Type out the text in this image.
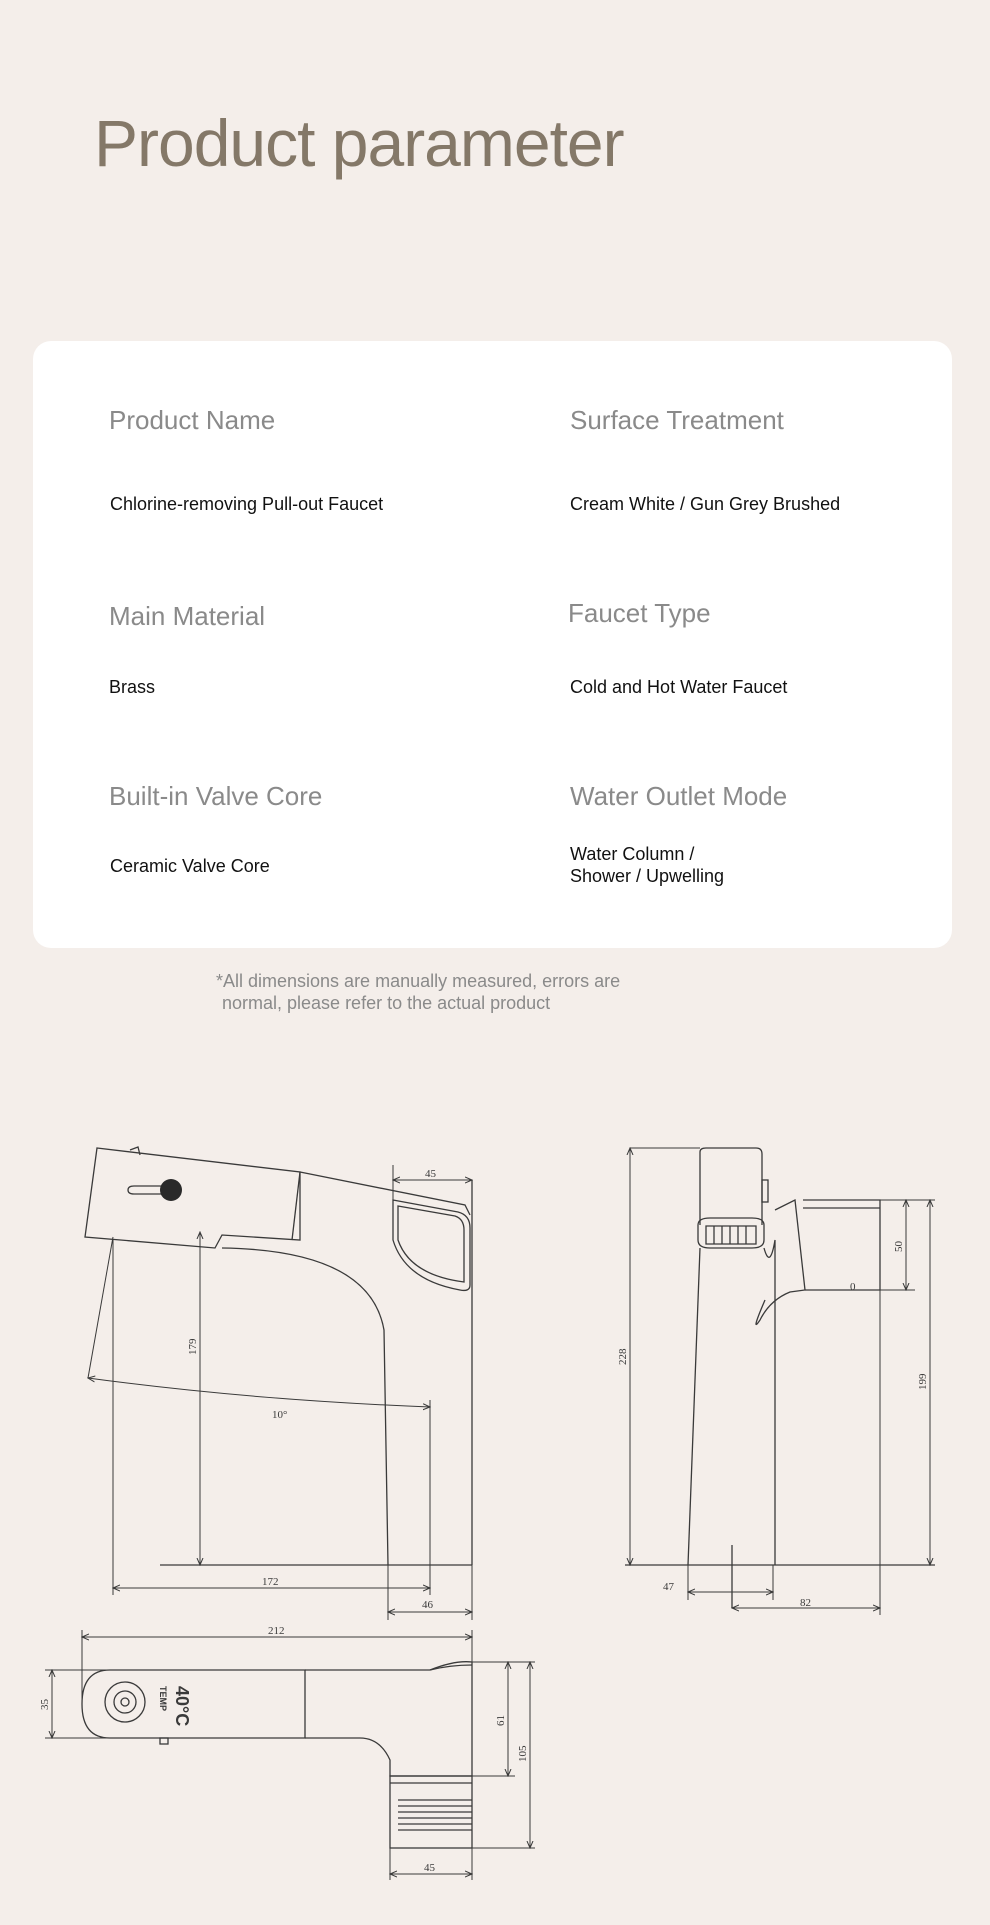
Product parameter
Product Name
Chlorine-removing Pull-out Faucet
Surface Treatment
Cream White / Gun Grey Brushed
Main Material
Brass
Faucet Type
Cold and Hot Water Faucet
Built-in Valve Core
Ceramic Valve Core
Water Outlet Mode
Water Column /
Shower / Upwelling
*All dimensions are manually measured, errors are
normal, please refer to the actual product
10°
179
45
172
46
0
228
50
199
47
82
TEMP 40°C
212
35
61
105
45
